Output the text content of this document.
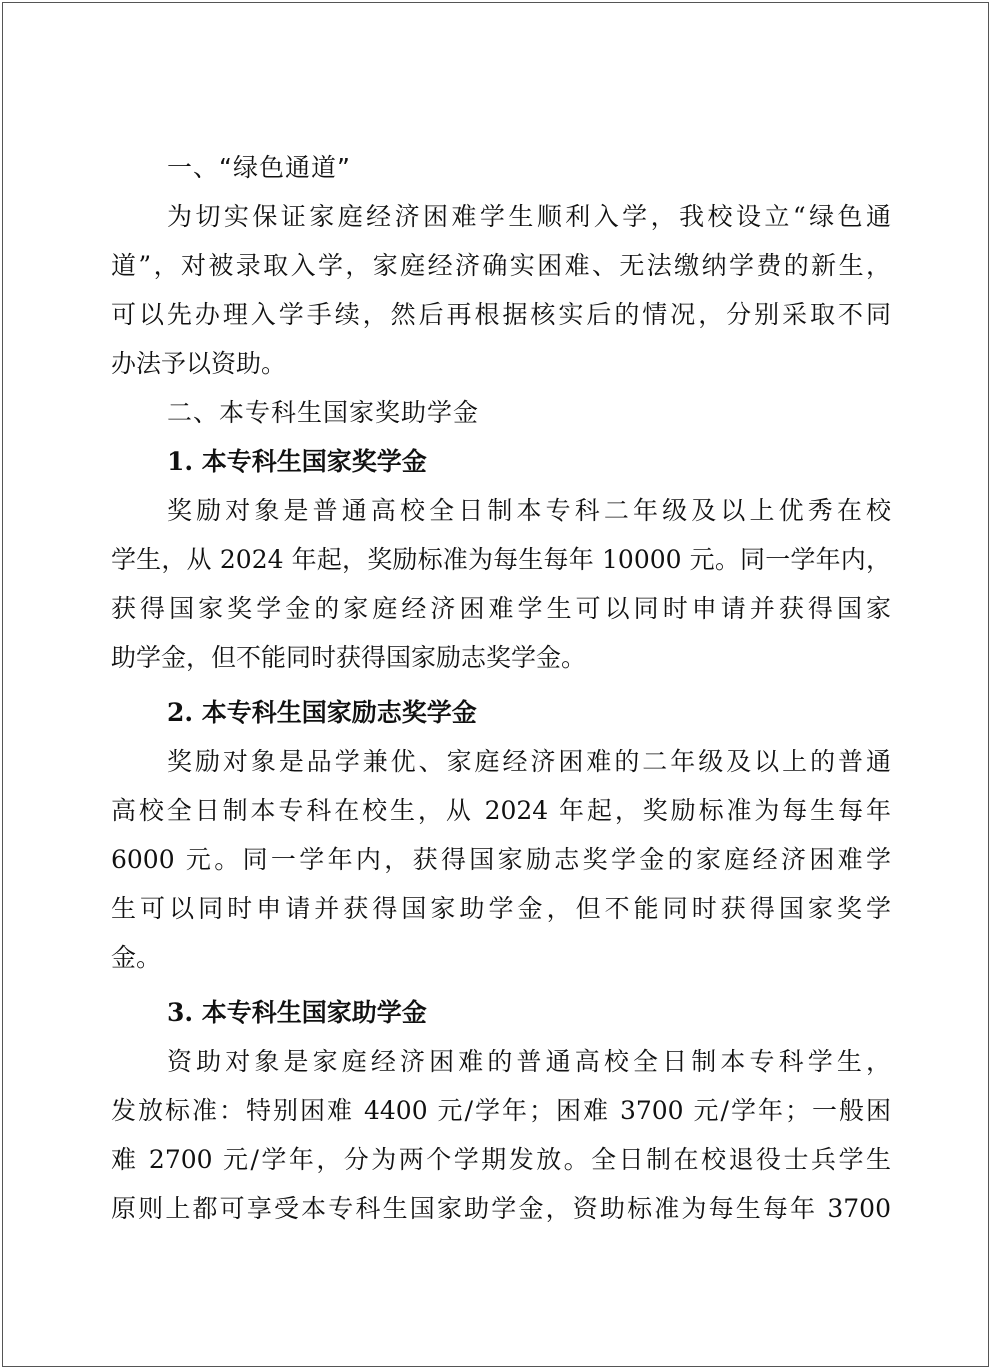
一、“绿色通道”
为切实保证家庭经济困难学生顺利入学，我校设立“绿色通
道”，对被录取入学，家庭经济确实困难、无法缴纳学费的新生，
可以先办理入学手续，然后再根据核实后的情况，分别采取不同
办法予以资助。
二、本专科生国家奖助学金
1. 本专科生国家奖学金
奖励对象是普通高校全日制本专科二年级及以上优秀在校
学生，从 2024 年起，奖励标准为每生每年 10000 元。同一学年内，
获得国家奖学金的家庭经济困难学生可以同时申请并获得国家
助学金，但不能同时获得国家励志奖学金。
2. 本专科生国家励志奖学金
奖励对象是品学兼优、家庭经济困难的二年级及以上的普通
高校全日制本专科在校生，从 2024 年起，奖励标准为每生每年
6000 元。同一学年内，获得国家励志奖学金的家庭经济困难学
生可以同时申请并获得国家助学金，但不能同时获得国家奖学
金。
3. 本专科生国家助学金
资助对象是家庭经济困难的普通高校全日制本专科学生，
发放标准：特别困难 4400 元/学年；困难 3700 元/学年；一般困
难 2700 元/学年，分为两个学期发放。全日制在校退役士兵学生
原则上都可享受本专科生国家助学金，资助标准为每生每年 3700
